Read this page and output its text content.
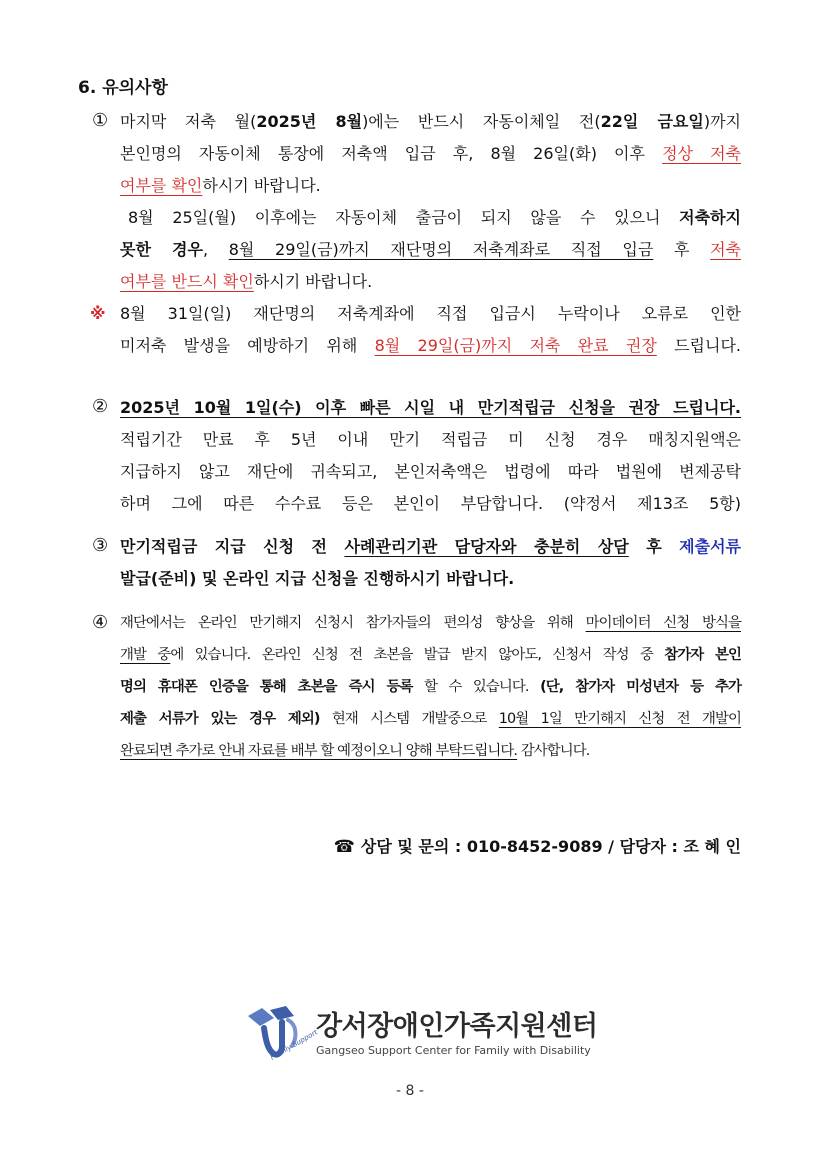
6. 유의사항
① 마지막 저축 월(2025년 8월)에는 반드시 자동이체일 전(22일 금요일)까지
본인명의 자동이체 통장에 저축액 입금 후, 8월 26일(화) 이후 정상 저축
여부를 확인하시기 바랍니다.
8월 25일(월) 이후에는 자동이체 출금이 되지 않을 수 있으니 저축하지
못한 경우, 8월 29일(금)까지 재단명의 저축계좌로 직접 입금 후 저축
여부를 반드시 확인하시기 바랍니다.
※ 8월 31일(일) 재단명의 저축계좌에 직접 입금시 누락이나 오류로 인한
미저축 발생을 예방하기 위해 8월 29일(금)까지 저축 완료 권장 드립니다.
② 2025년 10월 1일(수) 이후 빠른 시일 내 만기적립금 신청을 권장 드립니다.
적립기간 만료 후 5년 이내 만기 적립금 미 신청 경우 매칭지원액은
지급하지 않고 재단에 귀속되고, 본인저축액은 법령에 따라 법원에 변제공탁
하며 그에 따른 수수료 등은 본인이 부담합니다. (약정서 제13조 5항)
③ 만기적립금 지급 신청 전 사례관리기관 담당자와 충분히 상담 후 제출서류
발급(준비) 및 온라인 지급 신청을 진행하시기 바랍니다.
④ 재단에서는 온라인 만기해지 신청시 참가자들의 편의성 향상을 위해 마이데이터 신청 방식을
개발 중에 있습니다. 온라인 신청 전 초본을 발급 받지 않아도, 신청서 작성 중 참가자 본인
명의 휴대폰 인증을 통해 초본을 즉시 등록 할 수 있습니다. (단, 참가자 미성년자 등 추가
제출 서류가 있는 경우 제외) 현재 시스템 개발중으로 10월 1일 만기해지 신청 전 개발이
완료되면 추가로 안내 자료를 배부 할 예정이오니 양해 부탁드립니다. 감사합니다.
☎ 상담 및 문의 : 010-8452-9089 / 담당자 : 조 혜 인
Family Support
강서장애인가족지원센터
Gangseo Support Center for Family with Disability
- 8 -
